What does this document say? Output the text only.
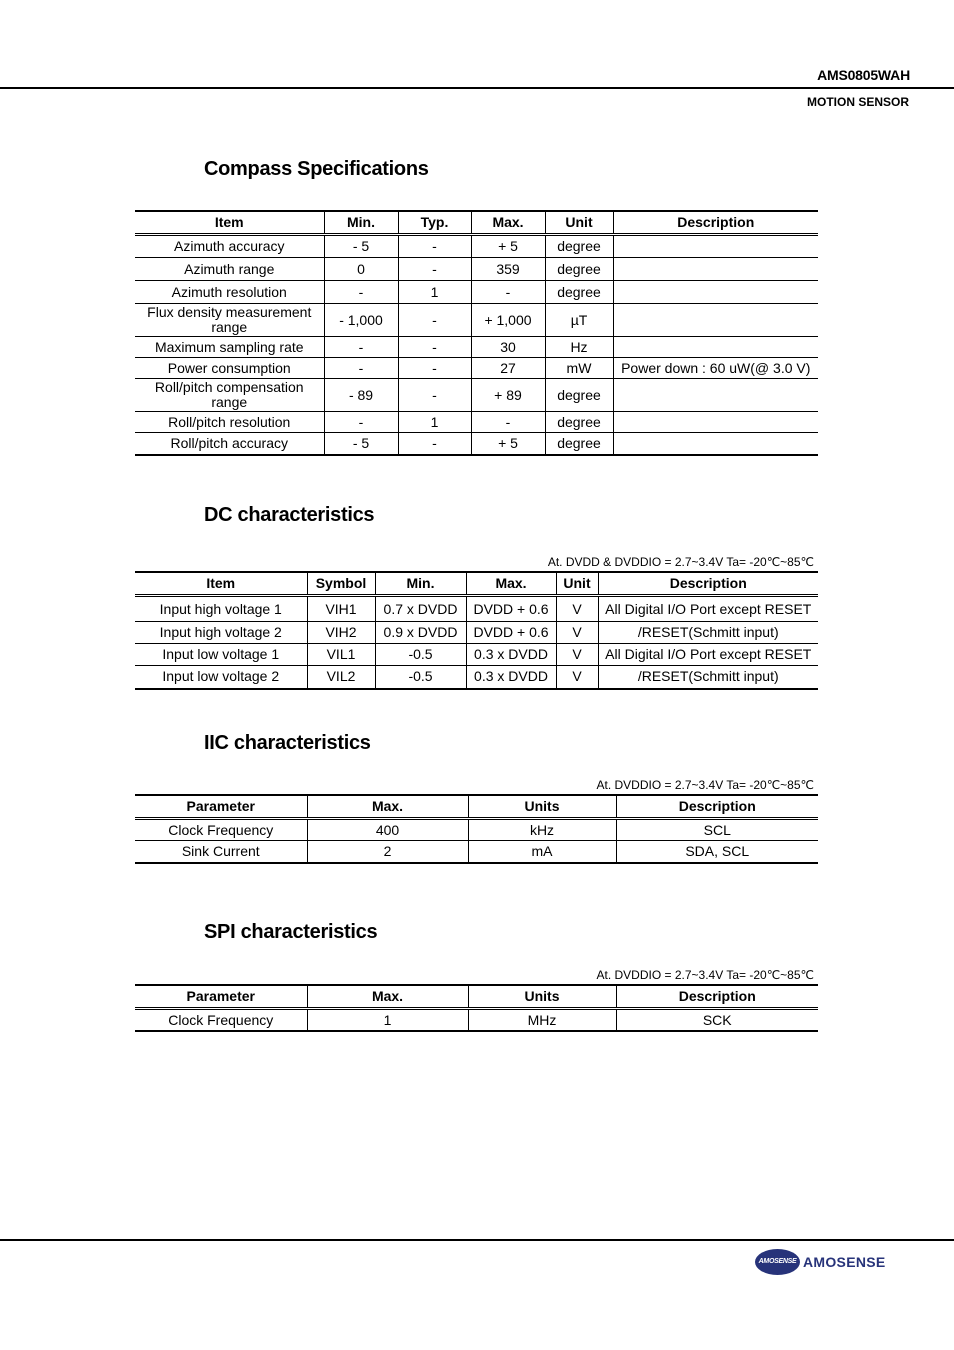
AMS0805WAH
MOTION SENSOR
Compass Specifications
Item	Min.	Typ.	Max.	Unit	Description
Azimuth accuracy	- 5	-	+ 5	degree	
Azimuth range	0	-	359	degree	
Azimuth resolution	-	1	-	degree	
Flux density measurement range	- 1,000	-	+ 1,000	µT	
Maximum sampling rate	-	-	30	Hz	
Power consumption	-	-	27	mW	Power down : 60 uW(@ 3.0 V)
Roll/pitch compensation range	- 89	-	+ 89	degree	
Roll/pitch resolution	-	1	-	degree	
Roll/pitch accuracy	- 5	-	+ 5	degree	
DC characteristics
At. DVDD & DVDDIO = 2.7~3.4V Ta= -20℃~85℃
Item	Symbol	Min.	Max.	Unit	Description
Input high voltage 1	VIH1	0.7 x DVDD	DVDD + 0.6	V	All Digital I/O Port except RESET
Input high voltage 2	VIH2	0.9 x DVDD	DVDD + 0.6	V	/RESET(Schmitt input)
Input low voltage 1	VIL1	-0.5	0.3 x DVDD	V	All Digital I/O Port except RESET
Input low voltage 2	VIL2	-0.5	0.3 x DVDD	V	/RESET(Schmitt input)
IIC characteristics
At. DVDDIO = 2.7~3.4V Ta= -20℃~85℃
Parameter	Max.	Units	Description
Clock Frequency	400	kHz	SCL
Sink Current	2	mA	SDA, SCL
SPI characteristics
At. DVDDIO = 2.7~3.4V Ta= -20℃~85℃
Parameter	Max.	Units	Description
Clock Frequency	1	MHz	SCK
AMOSENSE AMOSENSE
